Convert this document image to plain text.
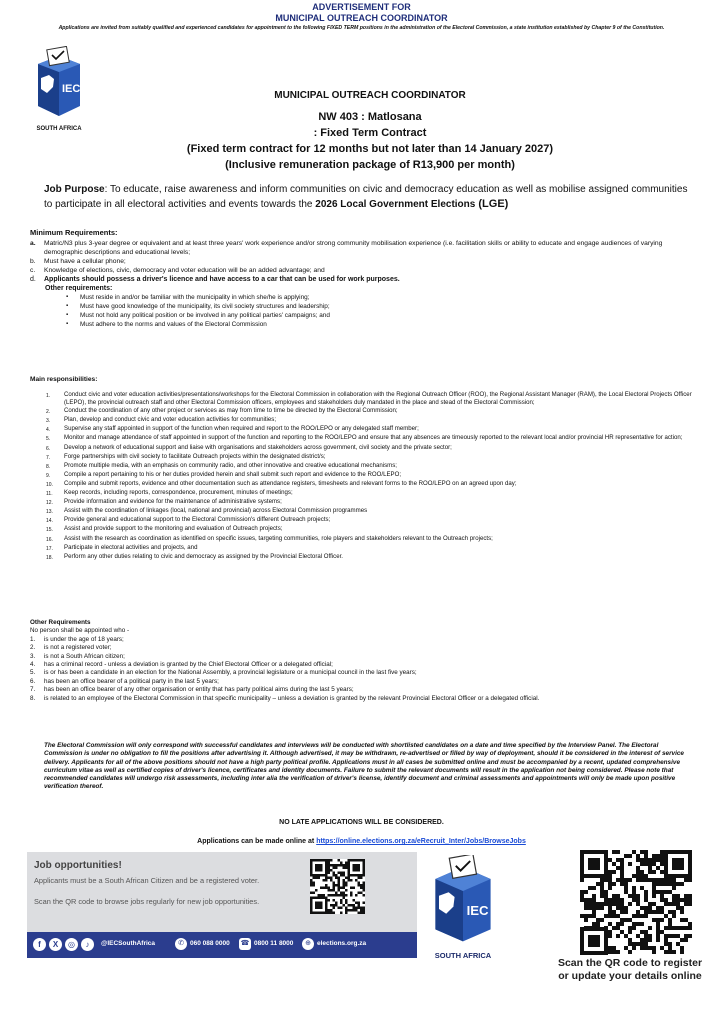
ADVERTISEMENT FOR
MUNICIPAL OUTREACH COORDINATOR
Applications are invited from suitably qualified and experienced candidates for appointment to the following FIXED TERM positions in the administration of the Electoral Commission, a state institution established by Chapter 9 of the Constitution.
IEC
SOUTH AFRICA
MUNICIPAL OUTREACH COORDINATOR
NW 403 : Matlosana
: Fixed Term Contract
(Fixed term contract for 12 months but not later than 14 January 2027)
(Inclusive remuneration package of R13,900 per month)
Job Purpose: To educate, raise awareness and inform communities on civic and democracy education as well as mobilise assigned communities to participate in all electoral activities and events towards the 2026 Local Government Elections (LGE)
Minimum Requirements:
a.	Matric/N3 plus 3-year degree or equivalent and at least three years' work experience and/or strong community mobilisation experience (i.e. facilitation skills or ability to educate and engage audiences of varying demographic descriptions and educational levels;
b.	Must have a cellular phone;
c.	Knowledge of elections, civic, democracy and voter education will be an added advantage; and
d.	Applicants should possess a driver's licence and have access to a car that can be used for work purposes.
Other requirements:
▪ Must reside in and/or be familiar with the municipality in which she/he is applying;
▪ Must have good knowledge of the municipality, its civil society structures and leadership;
▪ Must not hold any political position or be involved in any political parties' campaigns; and
▪ Must adhere to the norms and values of the Electoral Commission
Main responsibilities:
1.	Conduct civic and voter education activities/presentations/workshops for the Electoral Commission in collaboration with the Regional Outreach Officer (ROO), the Regional Assistant Manager (RAM), the Local Electoral Projects Officer (LEPO), the provincial outreach staff and other Electoral Commission officers, employees and stakeholders duly mandated in the place and stead of the Electoral Commission;
2.	Conduct the coordination of any other project or services as may from time to time be directed by the Electoral Commission;
3.	Plan, develop and conduct civic and voter education activities for communities;
4.	Supervise any staff appointed in support of the function when required and report to the ROO/LEPO or any delegated staff member;
5.	Monitor and manage attendance of staff appointed in support of the function and reporting to the ROO/LEPO and ensure that any absences are timeously reported to the relevant local and/or provincial HR representative for action;
6.	Develop a network of educational support and liaise with organisations and stakeholders across government, civil society and the private sector;
7.	Forge partnerships with civil society to facilitate Outreach projects within the designated district/s;
8.	Promote multiple media, with an emphasis on community radio, and other innovative and creative educational mechanisms;
9.	Compile a report pertaining to his or her duties provided herein and shall submit such report and evidence to the ROO/LEPO;
10.	Compile and submit reports, evidence and other documentation such as attendance registers, timesheets and relevant forms to the ROO/LEPO on an agreed upon day;
11.	Keep records, including reports, correspondence, procurement, minutes of meetings;
12.	Provide information and evidence for the maintenance of administrative systems;
13.	Assist with the coordination of linkages (local, national and provincial) across Electoral Commission programmes
14.	Provide general and educational support to the Electoral Commission's different Outreach projects;
15.	Assist and provide support to the monitoring and evaluation of Outreach projects;
16.	Assist with the research as coordination as identified on specific issues, targeting communities, role players and stakeholders relevant to the Outreach projects;
17.	Participate in electoral activities and projects, and
18.	Perform any other duties relating to civic and democracy as assigned by the Provincial Electoral Officer.
Other Requirements
No person shall be appointed who -
1.	is under the age of 18 years;
2.	is not a registered voter;
3.	is not a South African citizen;
4.	has a criminal record - unless a deviation is granted by the Chief Electoral Officer or a delegated official;
5.	is or has been a candidate in an election for the National Assembly, a provincial legislature or a municipal council in the last five years;
6.	has been an office bearer of a political party in the last 5 years;
7.	has been an office bearer of any other organisation or entity that has party political aims during the last 5 years;
8.	is related to an employee of the Electoral Commission in that specific municipality – unless a deviation is granted by the relevant Provincial Electoral Officer or a delegated official.
The Electoral Commission will only correspond with successful candidates and interviews will be conducted with shortlisted candidates on a date and time specified by the Interview Panel. The Electoral Commission is under no obligation to fill the positions after advertising it. Although advertised, it may be withdrawn, re-advertised or filled by way of deployment, should it be considered in the interest of service delivery. Applicants for all of the above positions should not have a high party political profile. Applications must in all cases be submitted online and must be accompanied by a recent, updated comprehensive curriculum vitae as well as certified copies of driver's licence, certificates and identity documents. Failure to submit the relevant documents will result in the application not being considered. Please note that recommended candidates will undergo risk assessments, including inter alia the verification of driver's license, identify document and criminal assessments and appointments will only be made upon positive verification thereof.
NO LATE APPLICATIONS WILL BE CONSIDERED.
Applications can be made online at https://online.elections.org.za/eRecruit_Inter/Jobs/BrowseJobs
Job opportunities!
Applicants must be a South African Citizen and be a registered voter.
Scan the QR code to browse jobs regularly for new job opportunities.
f	X	◎	♪	@IECSouthAfrica	✆ 060 088 0000 ☎ 0800 11 8000	⊕ elections.org.za
IEC
SOUTH AFRICA
Scan the QR code to register
or update your details online
